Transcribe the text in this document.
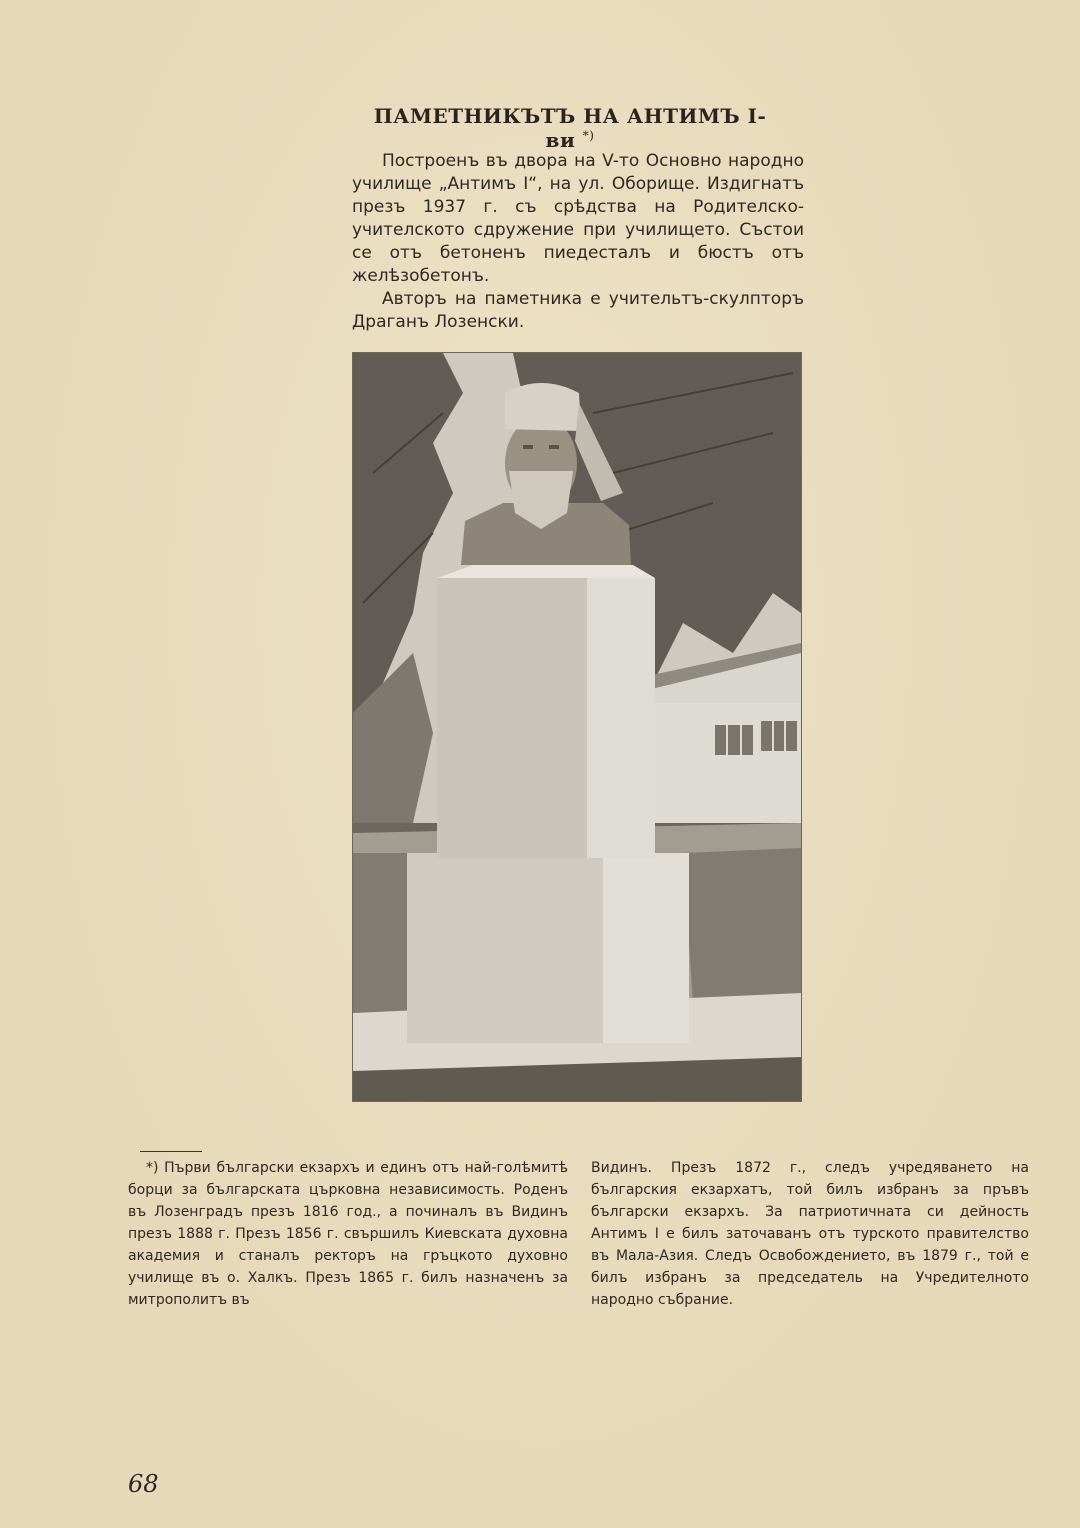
ПАМЕТНИКЪТЪ НА АНТИМЪ I-ви *)

Построенъ въ двора на V-то Основно народно училище „Антимъ I“, на ул. Оборище. Издигнатъ презъ 1937 г. съ срѣдства на Родителско-учителското сдружение при училището. Състои се отъ бетоненъ пиедесталъ и бюстъ отъ желѣзобетонъ.

Авторъ на паметника е учительтъ-скулпторъ Драганъ Лозенски.

*) Първи български екзархъ и единъ отъ най-голѣмитѣ борци за българската църковна независимость. Роденъ въ Лозенградъ презъ 1816 год., а починалъ въ Видинъ презъ 1888 г. Презъ 1856 г. свършилъ Киевската духовна академия и станалъ ректоръ на гръцкото духовно училище въ о. Халкъ. Презъ 1865 г. билъ назначенъ за митрополитъ въ
Видинъ. Презъ 1872 г., следъ учредяването на българския екзархатъ, той билъ избранъ за пръвъ български екзархъ. За патриотичната си дейность Антимъ I е билъ заточаванъ отъ турското правителство въ Мала-Азия. Следъ Освобождението, въ 1879 г., той е билъ избранъ за председатель на Учредителното народно събрание.
68
